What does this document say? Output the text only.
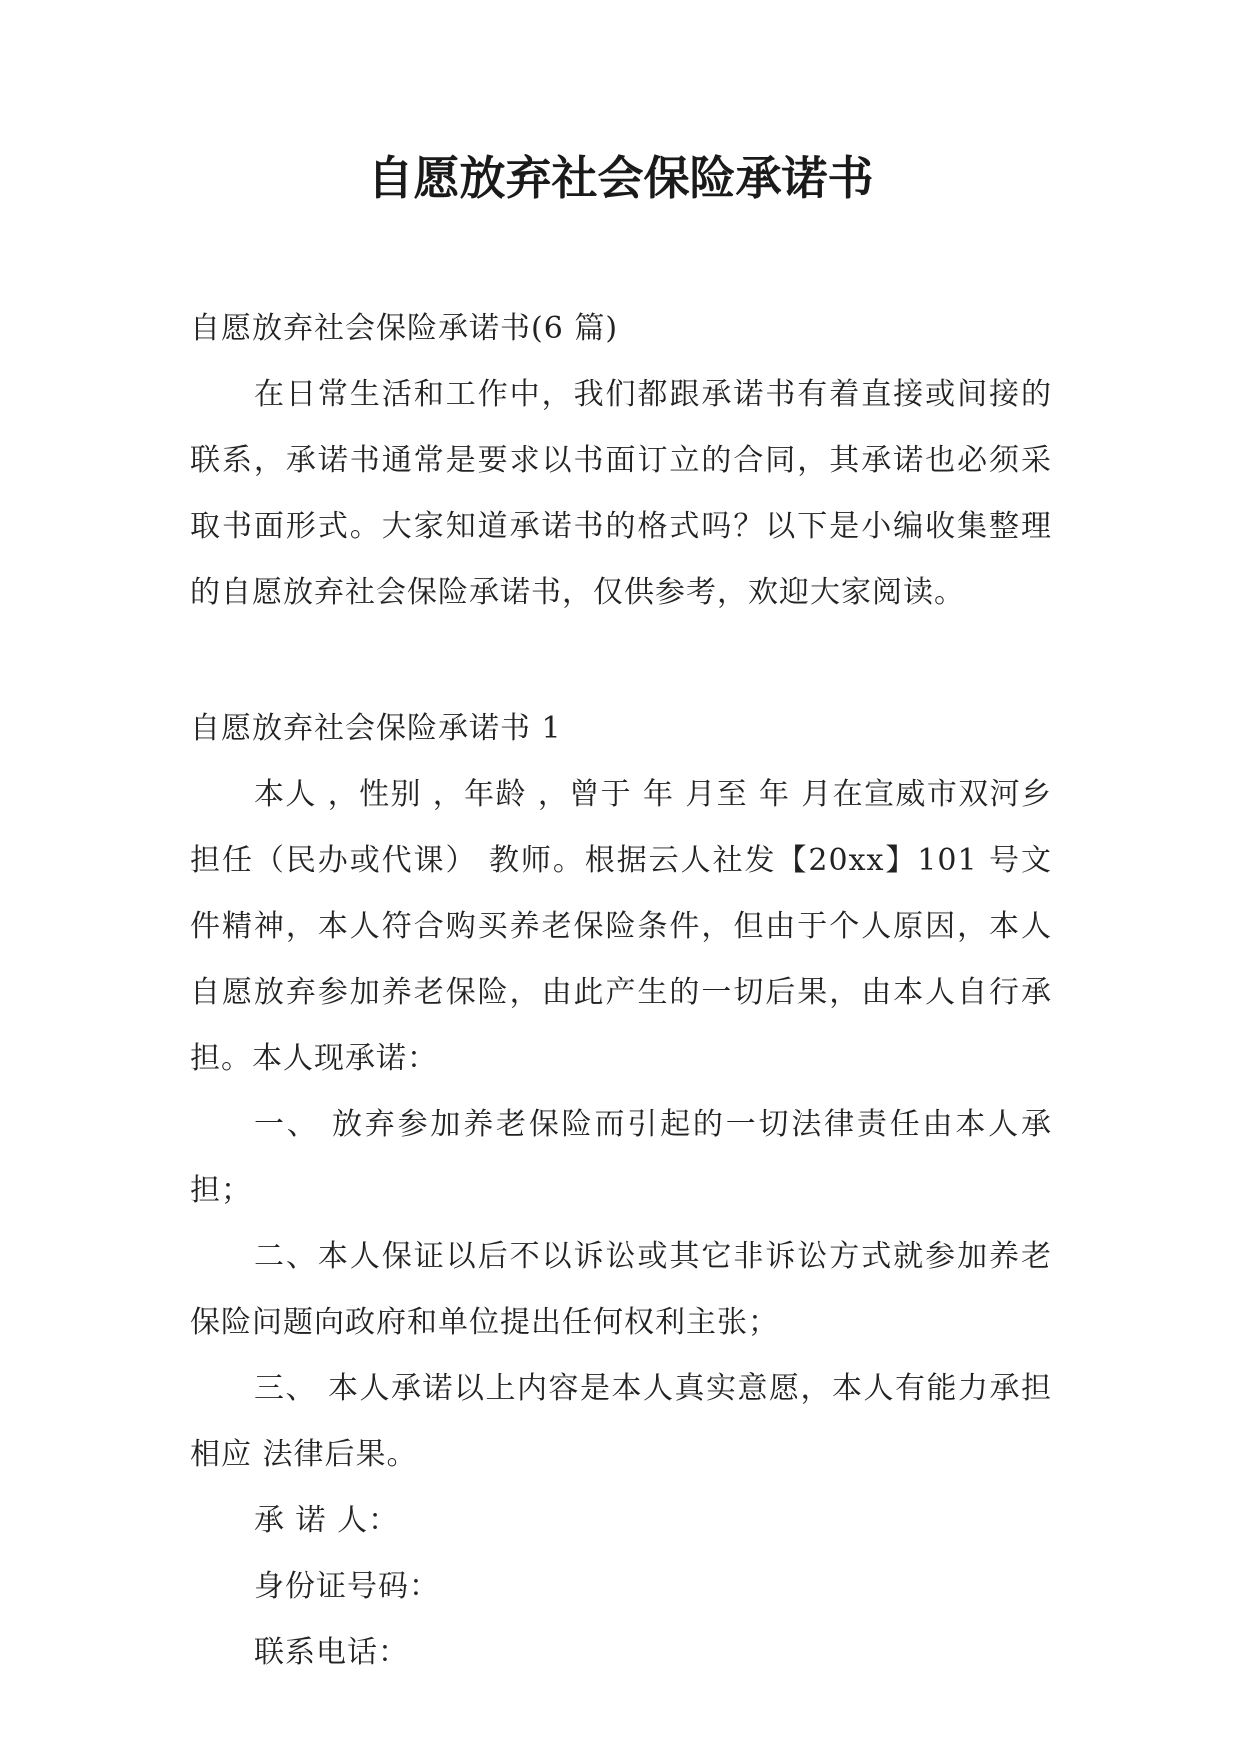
自愿放弃社会保险承诺书

自愿放弃社会保险承诺书(6 篇)

在日常生活和工作中，我们都跟承诺书有着直接或间接的联系，承诺书通常是要求以书面订立的合同，其承诺也必须采取书面形式。大家知道承诺书的格式吗？以下是小编收集整理的自愿放弃社会保险承诺书，仅供参考，欢迎大家阅读。

自愿放弃社会保险承诺书 1

本人 ，性别 ，年龄 ，曾于 年 月至 年 月在宣威市双河乡担任（民办或代课） 教师。根据云人社发【20xx】101 号文件精神，本人符合购买养老保险条件，但由于个人原因，本人自愿放弃参加养老保险，由此产生的一切后果，由本人自行承担。本人现承诺：

一、 放弃参加养老保险而引起的一切法律责任由本人承担；

二、本人保证以后不以诉讼或其它非诉讼方式就参加养老保险问题向政府和单位提出任何权利主张；

三、 本人承诺以上内容是本人真实意愿，本人有能力承担相应 法律后果。

承 诺 人：

身份证号码：

联系电话：
